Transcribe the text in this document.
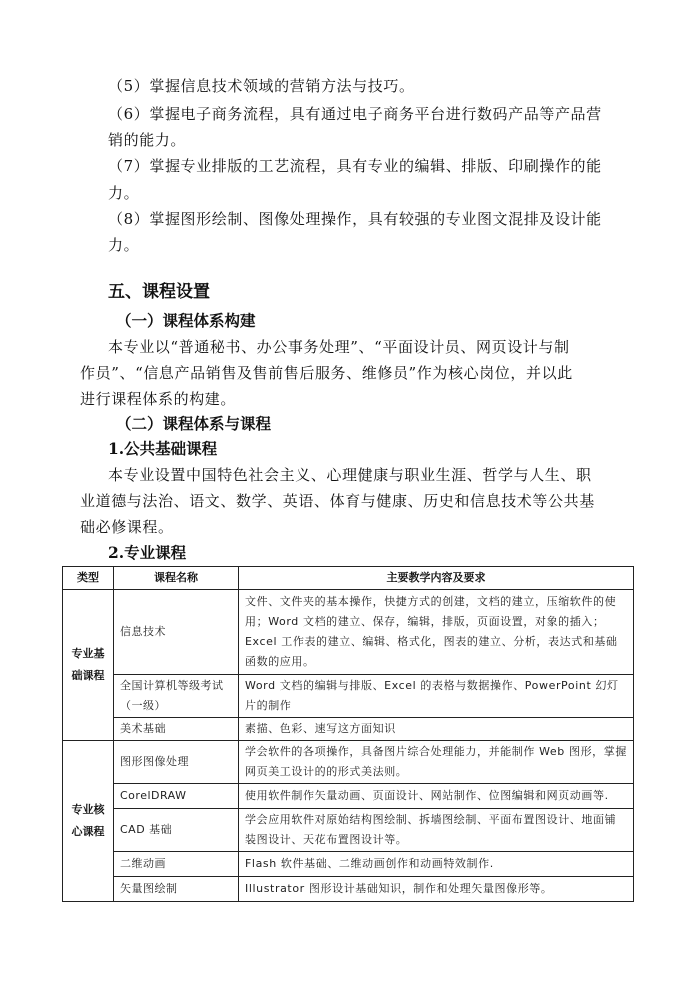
（5）掌握信息技术领域的营销方法与技巧。

（6）掌握电子商务流程，具有通过电子商务平台进行数码产品等产品营

销的能力。

（7）掌握专业排版的工艺流程，具有专业的编辑、排版、印刷操作的能

力。

（8）掌握图形绘制、图像处理操作，具有较强的专业图文混排及设计能

力。

五、课程设置
（一）课程体系构建

本专业以“普通秘书、办公事务处理”、“平面设计员、网页设计与制

作员”、“信息产品销售及售前售后服务、维修员”作为核心岗位，并以此

进行课程体系的构建。

（二）课程体系与课程
1.公共基础课程

本专业设置中国特色社会主义、心理健康与职业生涯、哲学与人生、职

业道德与法治、语文、数学、英语、体育与健康、历史和信息技术等公共基

础必修课程。

2.专业课程
类型	课程名称	主要教学内容及要求
专业基础课程	信息技术	文件、文件夹的基本操作，快捷方式的创建，文档的建立，压缩软件的使用；Word 文档的建立、保存，编辑，排版，页面设置，对象的插入；Excel 工作表的建立、编辑、格式化，图表的建立、分析，表达式和基础函数的应用。
	全国计算机等级考试（一级）	Word 文档的编辑与排版、Excel 的表格与数据操作、PowerPoint 幻灯片的制作
	美术基础	素描、色彩、速写这方面知识
专业核心课程	图形图像处理	学会软件的各项操作，具备图片综合处理能力，并能制作 Web 图形，掌握网页美工设计的的形式美法则。
	CorelDRAW	使用软件制作矢量动画、页面设计、网站制作、位图编辑和网页动画等.
	CAD 基础	学会应用软件对原始结构图绘制、拆墙图绘制、平面布置图设计、地面铺装图设计、天花布置图设计等。
	二维动画	Flash 软件基础、二维动画创作和动画特效制作.
	矢量图绘制	Illustrator 图形设计基础知识，制作和处理矢量图像形等。
